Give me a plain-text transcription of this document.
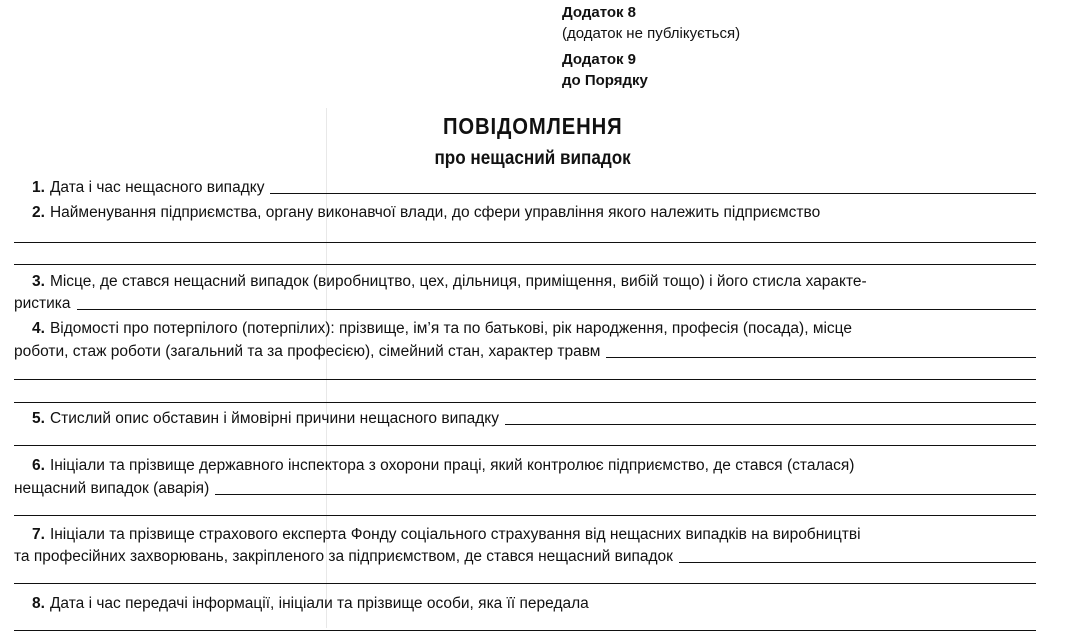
Додаток 8
(додаток не публікується)
Додаток 9
до Порядку
ПОВІДОМЛЕННЯ
про нещасний випадок
1. Дата і час нещасного випадку
2. Найменування підприємства, органу виконавчої влади, до сфери управління якого належить підприємство
3. Місце, де стався нещасний випадок (виробництво, цех, дільниця, приміщення, вибій тощо) і його стисла характе-
ристика
4. Відомості про потерпілого (потерпілих): прізвище, ім’я та по батькові, рік народження, професія (посада), місце
роботи, стаж роботи (загальний та за професією), сімейний стан, характер травм
5. Стислий опис обставин і ймовірні причини нещасного випадку
6. Ініціали та прізвище державного інспектора з охорони праці, який контролює підприємство, де стався (сталася)
нещасний випадок (аварія)
7. Ініціали та прізвище страхового експерта Фонду соціального страхування від нещасних випадків на виробництві
та професійних захворювань, закріпленого за підприємством, де стався нещасний випадок
8. Дата і час передачі інформації, ініціали та прізвище особи, яка її передала
